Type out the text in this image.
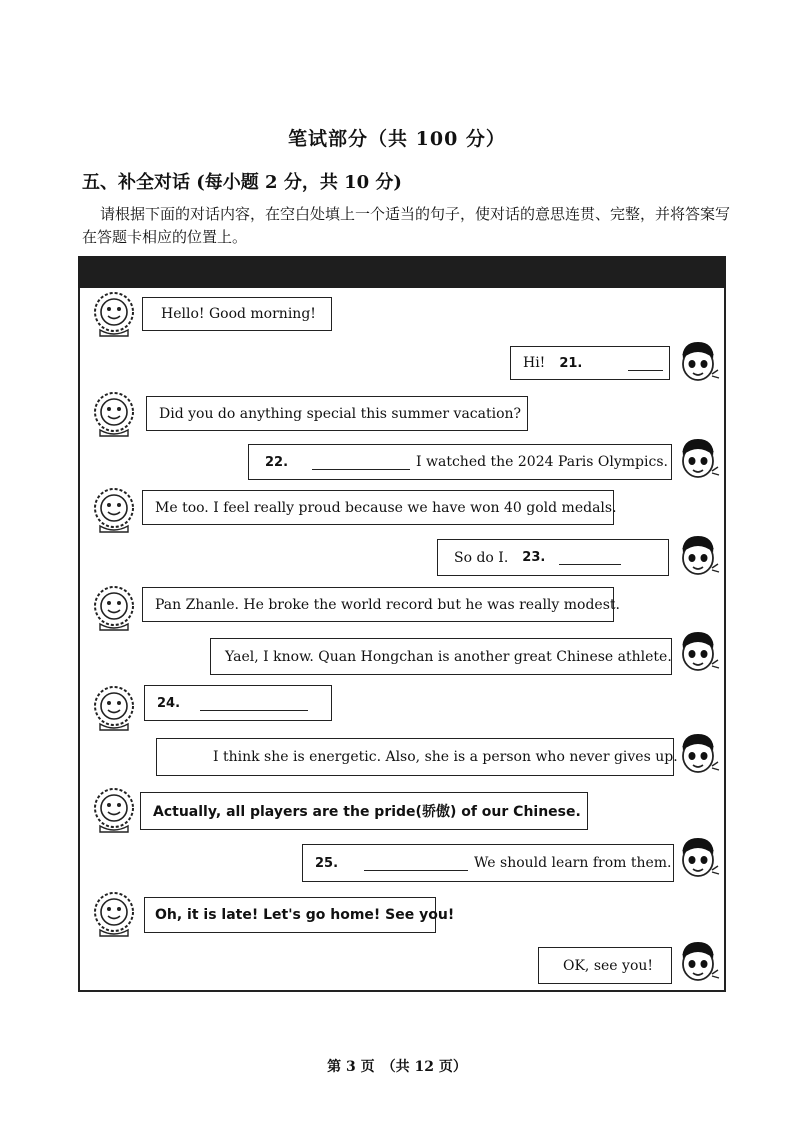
笔试部分（共 100 分）
五、补全对话 (每小题 2 分，共 10 分)
请根据下面的对话内容，在空白处填上一个适当的句子，使对话的意思连贯、完整，并将答案写在答题卡相应的位置上。
Hello! Good morning!
Hi! 21.
Did you do anything special this summer vacation?
22.	I watched the 2024 Paris Olympics.
Me too. I feel really proud because we have won 40 gold medals.
So do I. 23.
Pan Zhanle. He broke the world record but he was really modest.
Yael, I know. Quan Hongchan is another great Chinese athlete.
24.
I think she is energetic. Also, she is a person who never gives up.
Actually, all players are the pride(骄傲) of our Chinese.
25.	We should learn from them.
Oh, it is late! Let's go home! See you!
OK, see you!
第 3 页　（共 12 页）
